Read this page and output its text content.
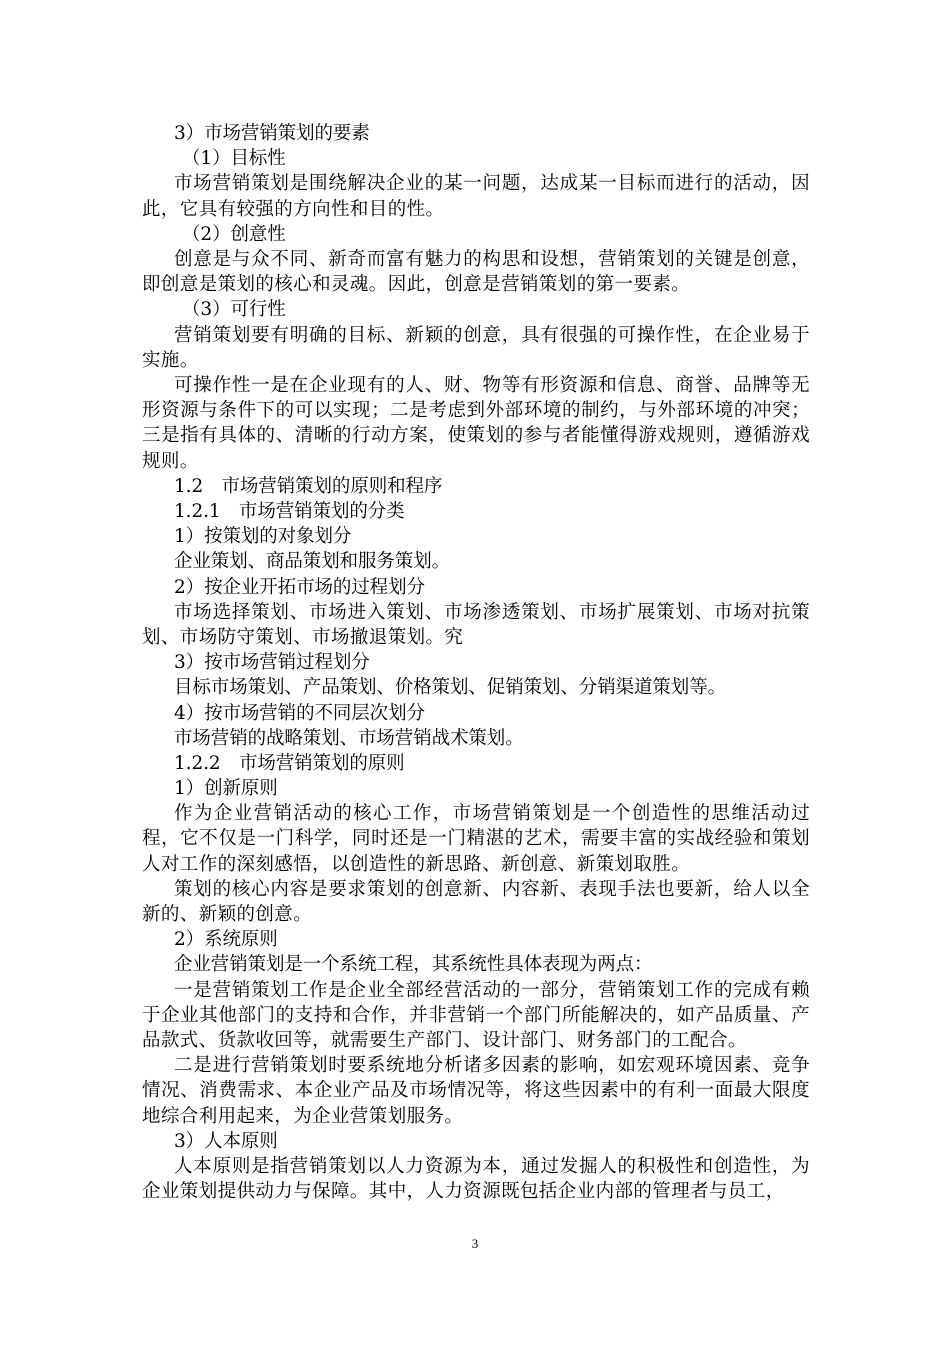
3）市场营销策划的要素
（1）目标性
市场营销策划是围绕解决企业的某一问题，达成某一目标而进行的活动，因此，它具有较强的方向性和目的性。
（2）创意性
创意是与众不同、新奇而富有魅力的构思和设想，营销策划的关键是创意，即创意是策划的核心和灵魂。因此，创意是营销策划的第一要素。
（3）可行性
营销策划要有明确的目标、新颖的创意，具有很强的可操作性，在企业易于实施。
可操作性一是在企业现有的人、财、物等有形资源和信息、商誉、品牌等无形资源与条件下的可以实现；二是考虑到外部环境的制约，与外部环境的冲突；三是指有具体的、清晰的行动方案，使策划的参与者能懂得游戏规则，遵循游戏规则。
1.2　市场营销策划的原则和程序
1.2.1　市场营销策划的分类
1）按策划的对象划分
企业策划、商品策划和服务策划。
2）按企业开拓市场的过程划分
市场选择策划、市场进入策划、市场渗透策划、市场扩展策划、市场对抗策划、市场防守策划、市场撤退策划。究
3）按市场营销过程划分
目标市场策划、产品策划、价格策划、促销策划、分销渠道策划等。
4）按市场营销的不同层次划分
市场营销的战略策划、市场营销战术策划。
1.2.2　市场营销策划的原则
1）创新原则
作为企业营销活动的核心工作，市场营销策划是一个创造性的思维活动过程，它不仅是一门科学，同时还是一门精湛的艺术，需要丰富的实战经验和策划人对工作的深刻感悟，以创造性的新思路、新创意、新策划取胜。
策划的核心内容是要求策划的创意新、内容新、表现手法也要新，给人以全新的、新颖的创意。
2）系统原则
企业营销策划是一个系统工程，其系统性具体表现为两点：
一是营销策划工作是企业全部经营活动的一部分，营销策划工作的完成有赖于企业其他部门的支持和合作，并非营销一个部门所能解决的，如产品质量、产品款式、货款收回等，就需要生产部门、设计部门、财务部门的工配合。
二是进行营销策划时要系统地分析诸多因素的影响，如宏观环境因素、竞争情况、消费需求、本企业产品及市场情况等，将这些因素中的有利一面最大限度地综合利用起来，为企业营策划服务。
3）人本原则
人本原则是指营销策划以人力资源为本，通过发掘人的积极性和创造性，为企业策划提供动力与保障。其中，人力资源既包括企业内部的管理者与员工，
3
